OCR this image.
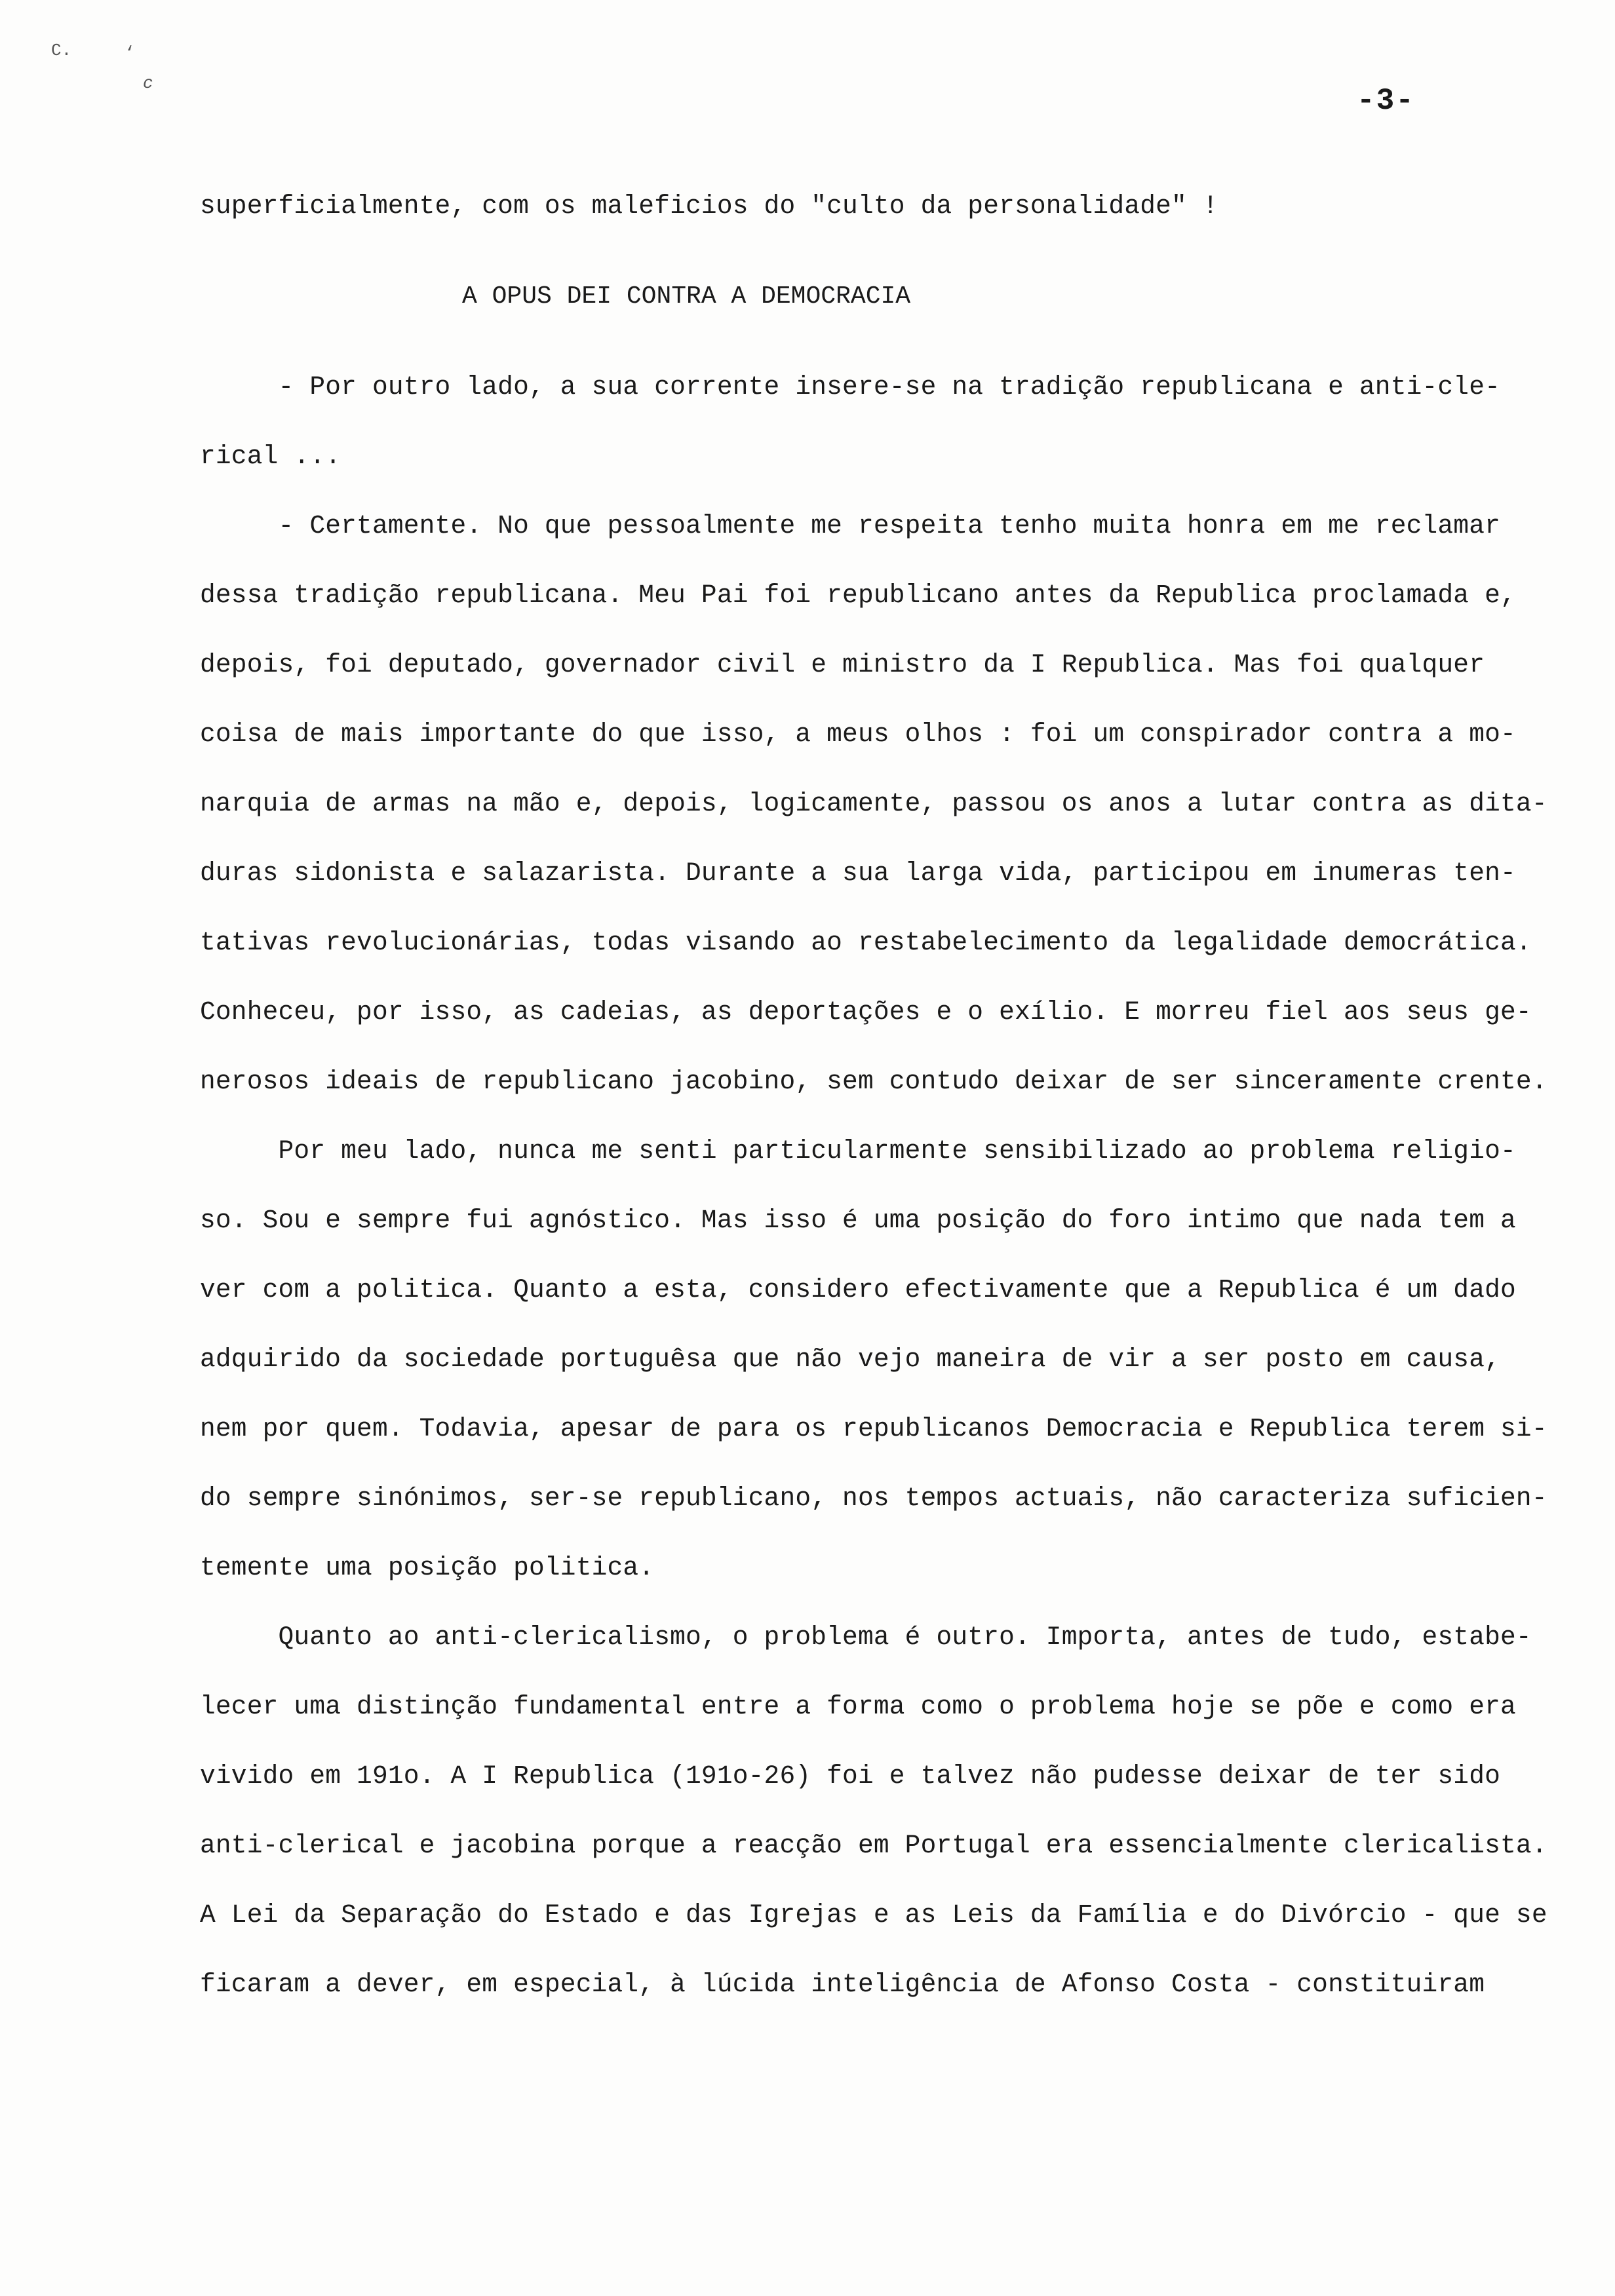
C.	‘
c
-3-
superficialmente, com os maleficios do "culto da personalidade" !
A OPUS DEI CONTRA A DEMOCRACIA
- Por outro lado, a sua corrente insere-se na tradição republicana e anti-cle-
rical ...
- Certamente. No que pessoalmente me respeita tenho muita honra em me reclamar
dessa tradição republicana. Meu Pai foi republicano antes da Republica proclamada e,
depois, foi deputado, governador civil e ministro da I Republica. Mas foi qualquer
coisa de mais importante do que isso, a meus olhos : foi um conspirador contra a mo-
narquia de armas na mão e, depois, logicamente, passou os anos a lutar contra as dita-
duras sidonista e salazarista. Durante a sua larga vida, participou em inumeras ten-
tativas revolucionárias, todas visando ao restabelecimento da legalidade democrática.
Conheceu, por isso, as cadeias, as deportações e o exílio. E morreu fiel aos seus ge-
nerosos ideais de republicano jacobino, sem contudo deixar de ser sinceramente crente.
Por meu lado, nunca me senti particularmente sensibilizado ao problema religio-
so. Sou e sempre fui agnóstico. Mas isso é uma posição do foro intimo que nada tem a
ver com a politica. Quanto a esta, considero efectivamente que a Republica é um dado
adquirido da sociedade portuguêsa que não vejo maneira de vir a ser posto em causa,
nem por quem. Todavia, apesar de para os republicanos Democracia e Republica terem si-
do sempre sinónimos, ser-se republicano, nos tempos actuais, não caracteriza suficien-
temente uma posição politica.
Quanto ao anti-clericalismo, o problema é outro. Importa, antes de tudo, estabe-
lecer uma distinção fundamental entre a forma como o problema hoje se põe e como era
vivido em 191o. A I Republica (191o-26) foi e talvez não pudesse deixar de ter sido
anti-clerical e jacobina porque a reacção em Portugal era essencialmente clericalista.
A Lei da Separação do Estado e das Igrejas e as Leis da Família e do Divórcio - que se
ficaram a dever, em especial, à lúcida inteligência de Afonso Costa - constituiram
